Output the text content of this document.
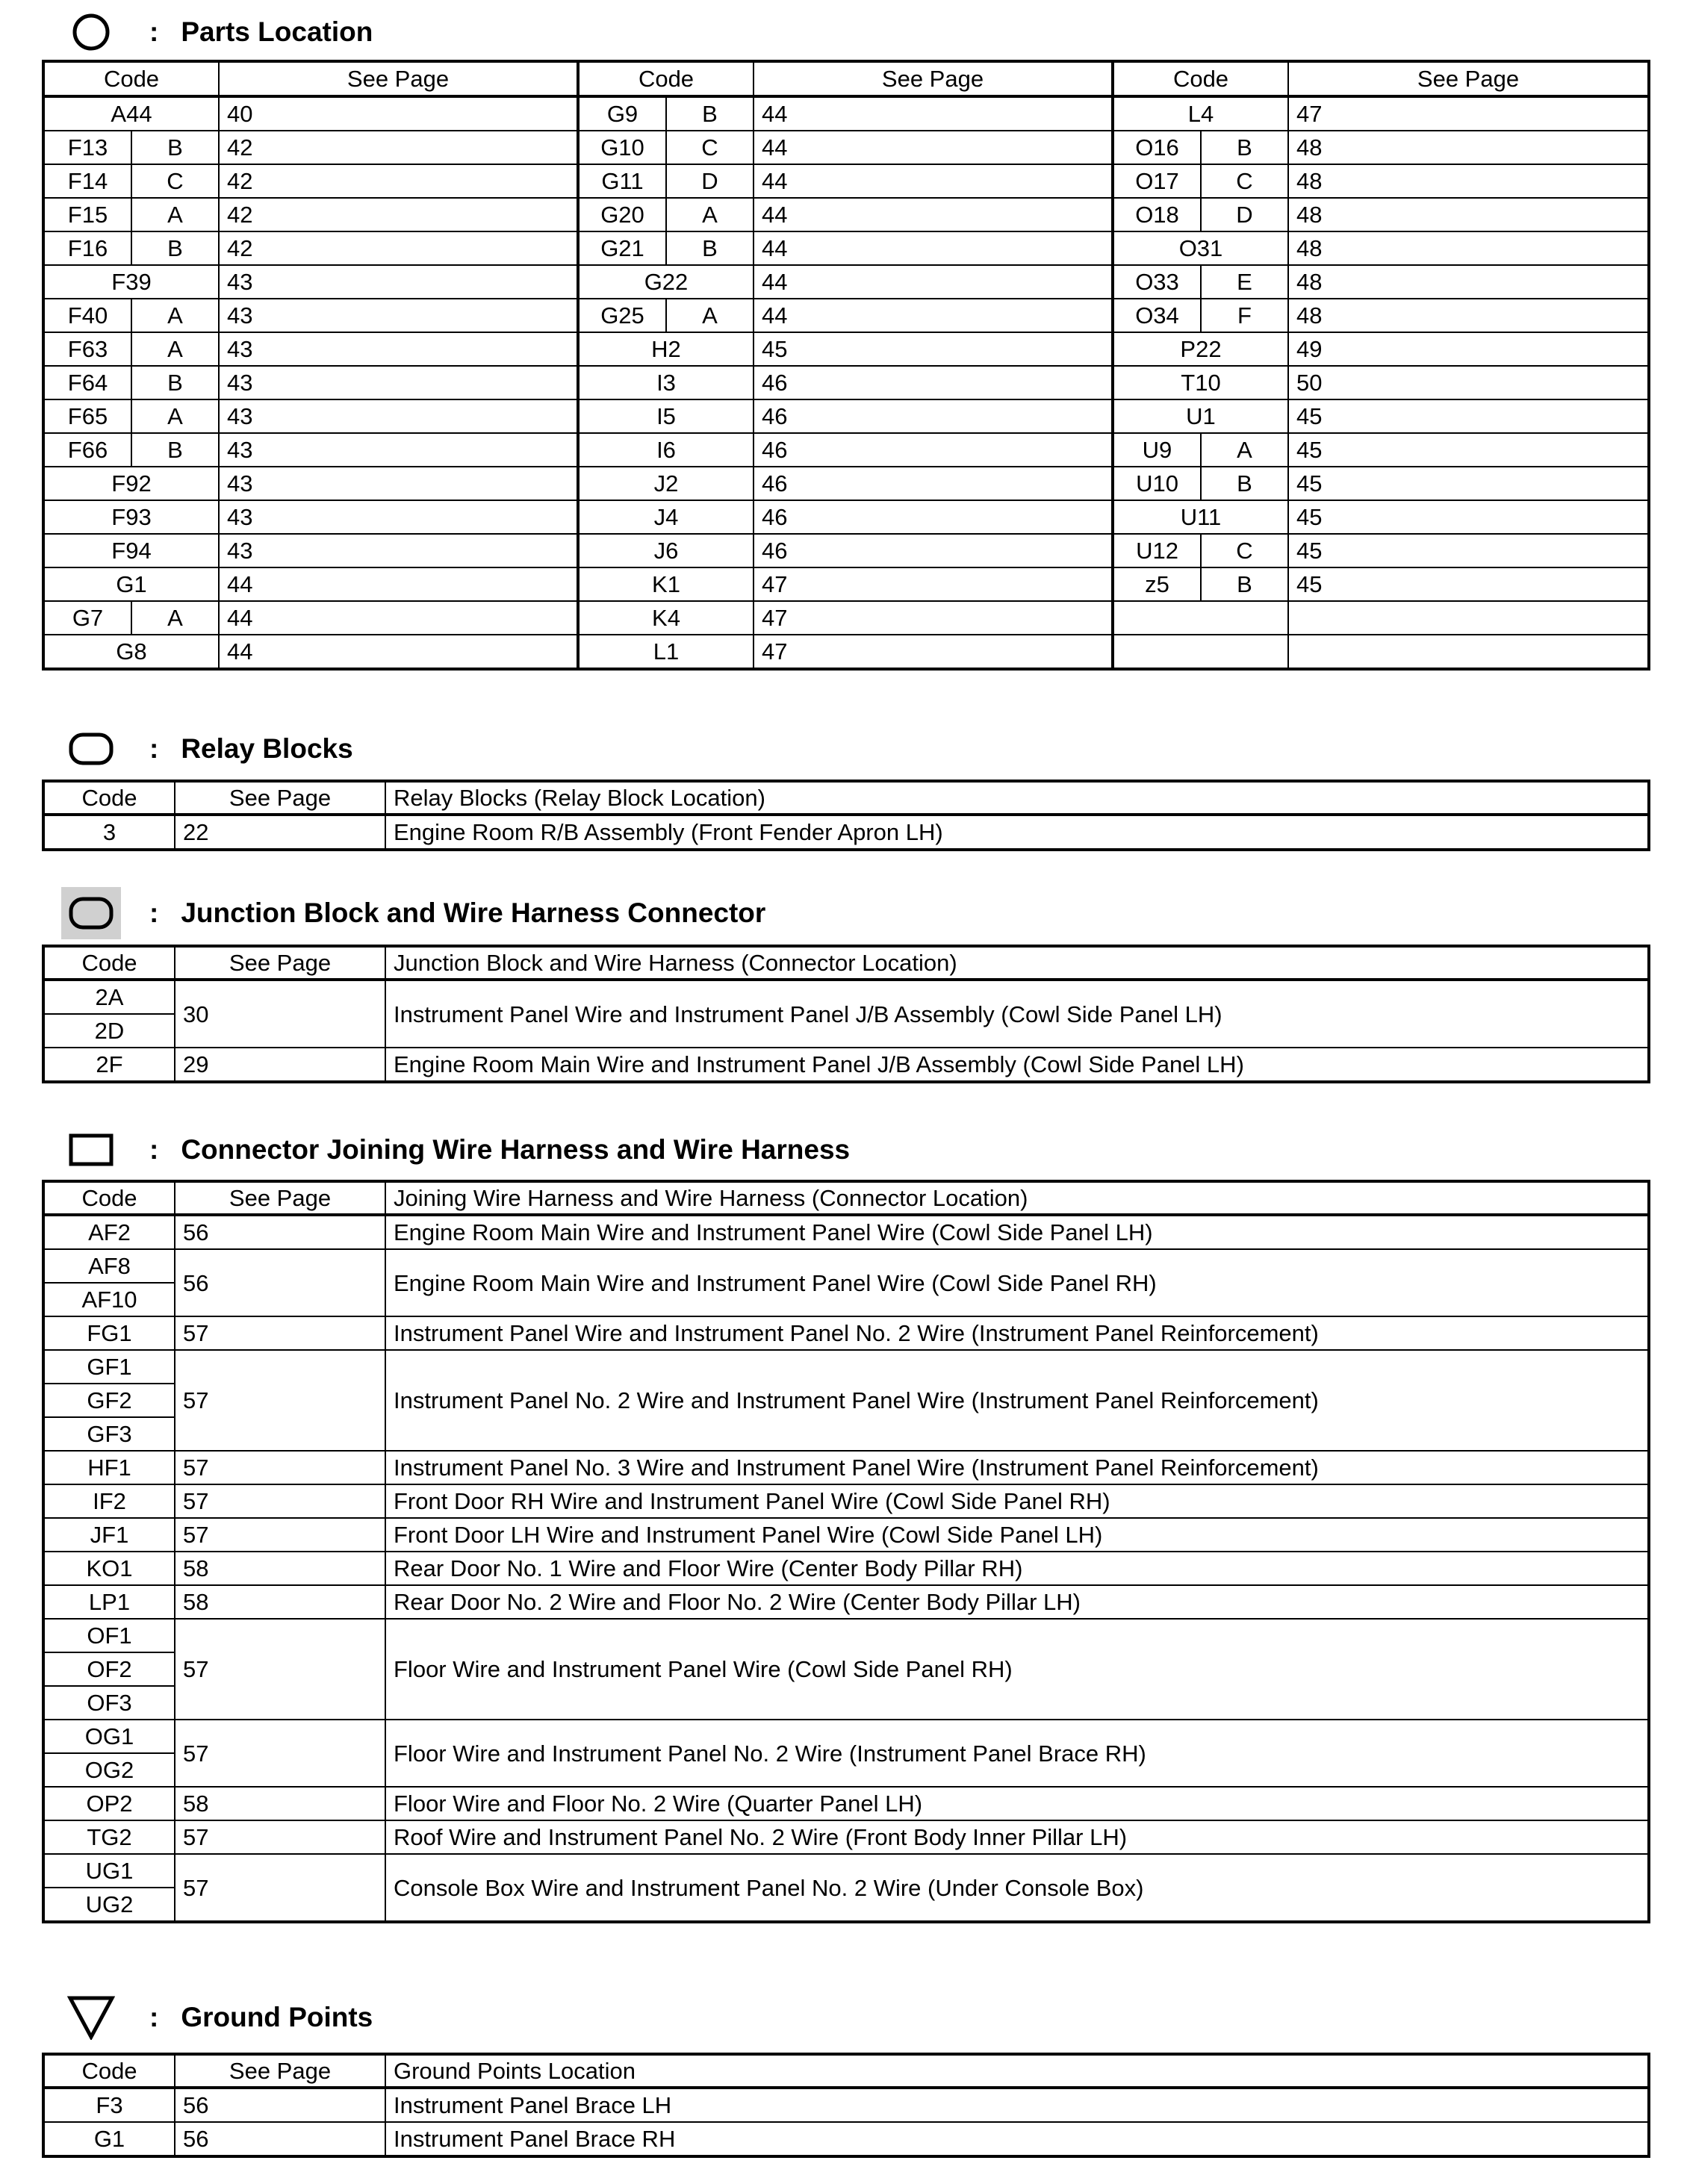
: Parts Location
Code	See Page	Code	See Page	Code	See Page
A44	40	G9 B	44	L4	47

F13 B	42	G10 C	44	O16 B	48

F14 C	42	G11 D	44	O17 C	48

F15 A	42	G20 A	44	O18 D	48

F16 B	42	G21 B	44	O31	48
F39	43	G22	44	O33 E	48

F40 A	43	G25 A	44	O34 F	48

F63 A	43	H2	45	P22	49

F64 B	43	I3	46	T10	50

F65 A	43	I5	46	U1	45

F66 B	43	I6	46	U9 A	45
F92	43	J2	46	U10 B	45
F93	43	J4	46	U11	45
F94	43	J6	46	U12 C	45
G1	44	K1	47	z5 B	45

G7 A	44	K4	47		
G8	44	L1	47		
: Relay Blocks
Code	See Page	Relay Blocks (Relay Block Location)
3	22	Engine Room R/B Assembly (Front Fender Apron LH)
: Junction Block and Wire Harness Connector
Code	See Page	Junction Block and Wire Harness (Connector Location)
2A	30	Instrument Panel Wire and Instrument Panel J/B Assembly (Cowl Side Panel LH)
2D		
2F	29	Engine Room Main Wire and Instrument Panel J/B Assembly (Cowl Side Panel LH)
: Connector Joining Wire Harness and Wire Harness
Code	See Page	Joining Wire Harness and Wire Harness (Connector Location)
AF2	56	Engine Room Main Wire and Instrument Panel Wire (Cowl Side Panel LH)
AF8	56	Engine Room Main Wire and Instrument Panel Wire (Cowl Side Panel RH)
AF10		
FG1	57	Instrument Panel Wire and Instrument Panel No. 2 Wire (Instrument Panel Reinforcement)
GF1	57	Instrument Panel No. 2 Wire and Instrument Panel Wire (Instrument Panel Reinforcement)
GF2		
GF3		
HF1	57	Instrument Panel No. 3 Wire and Instrument Panel Wire (Instrument Panel Reinforcement)
IF2	57	Front Door RH Wire and Instrument Panel Wire (Cowl Side Panel RH)
JF1	57	Front Door LH Wire and Instrument Panel Wire (Cowl Side Panel LH)
KO1	58	Rear Door No. 1 Wire and Floor Wire (Center Body Pillar RH)
LP1	58	Rear Door No. 2 Wire and Floor No. 2 Wire (Center Body Pillar LH)
OF1	57	Floor Wire and Instrument Panel Wire (Cowl Side Panel RH)
OF2		
OF3		
OG1	57	Floor Wire and Instrument Panel No. 2 Wire (Instrument Panel Brace RH)
OG2		
OP2	58	Floor Wire and Floor No. 2 Wire (Quarter Panel LH)
TG2	57	Roof Wire and Instrument Panel No. 2 Wire (Front Body Inner Pillar LH)
UG1	57	Console Box Wire and Instrument Panel No. 2 Wire (Under Console Box)
UG2		
: Ground Points
Code	See Page	Ground Points Location
F3	56	Instrument Panel Brace LH
G1	56	Instrument Panel Brace RH
